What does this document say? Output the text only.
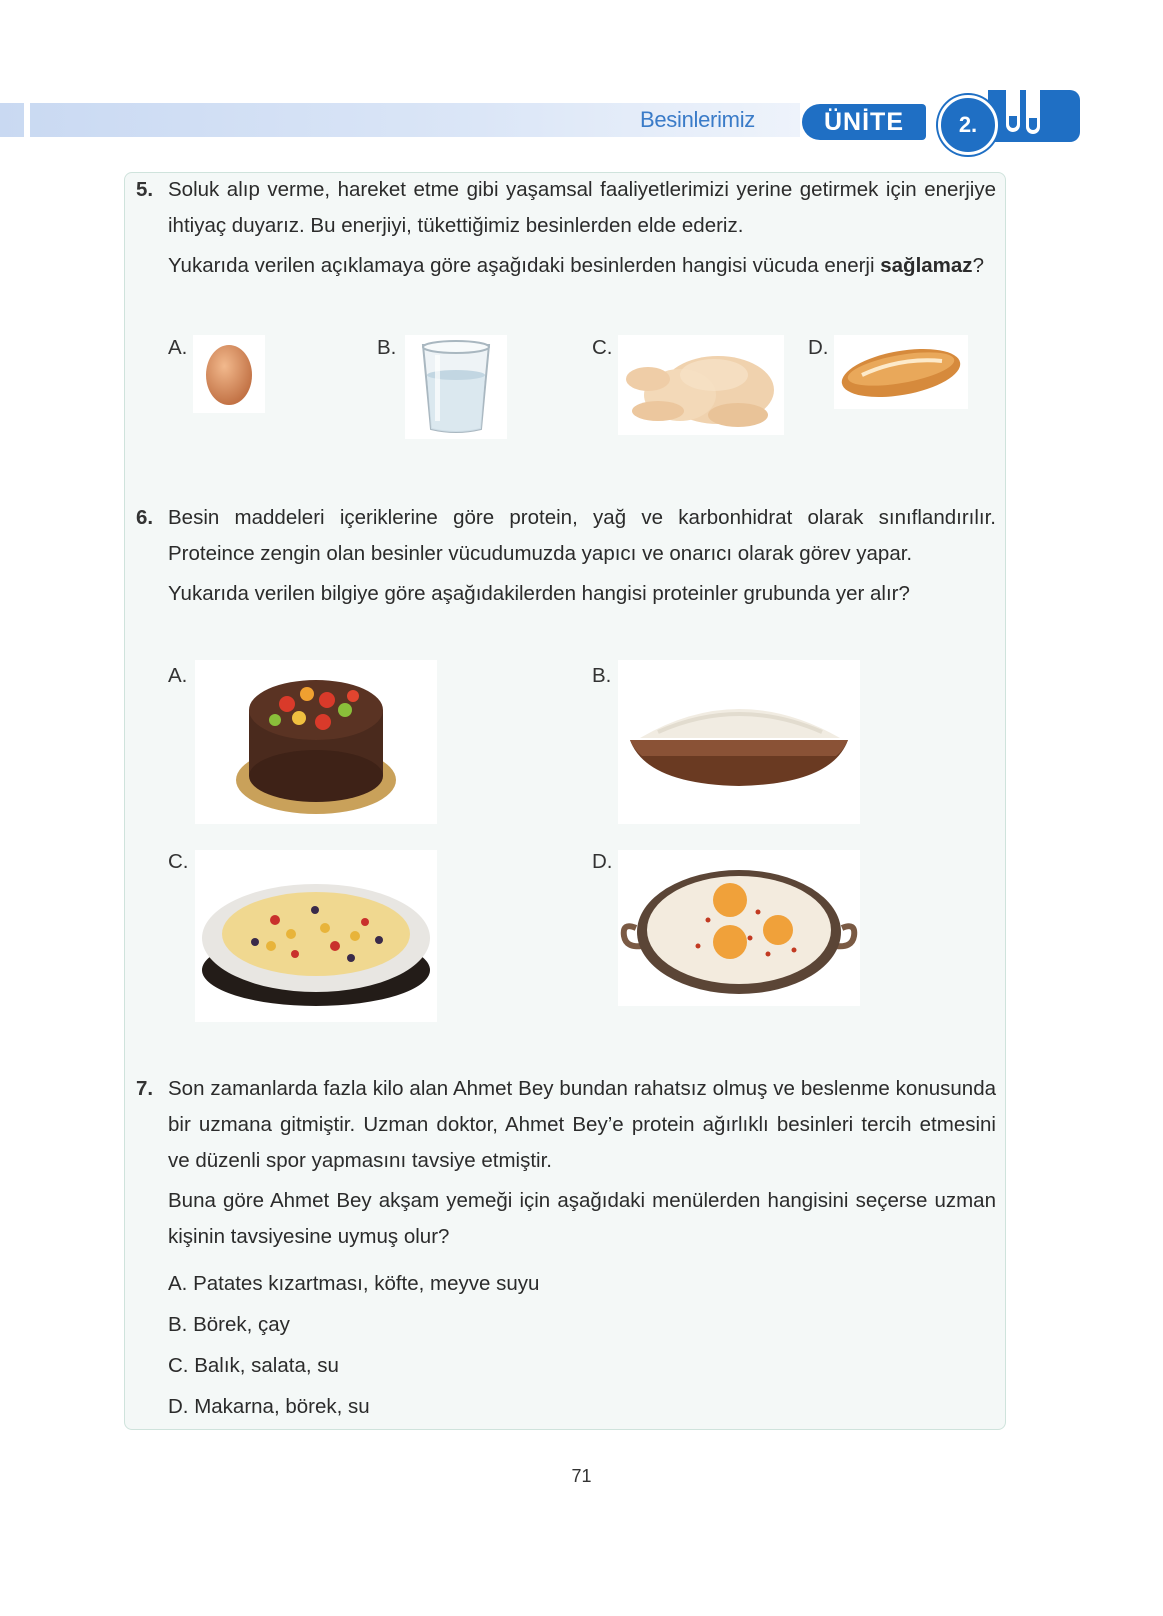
Besinlerimiz	ÜNİTE	2.
5. Soluk alıp verme, hareket etme gibi yaşamsal faaliyetlerimizi yerine getirmek için enerjiye ihtiyaç duyarız. Bu enerjiyi, tükettiğimiz besinlerden elde ederiz.
Yukarıda verilen açıklamaya göre aşağıdaki besinlerden hangisi vücuda enerji sağlamaz?
A.	B.	C.	D.
6. Besin maddeleri içeriklerine göre protein, yağ ve karbonhidrat olarak sınıflandırılır. Proteince zengin olan besinler vücudumuzda yapıcı ve onarıcı olarak görev yapar.
Yukarıda verilen bilgiye göre aşağıdakilerden hangisi proteinler grubunda yer alır?
A.	B.
C.	D.
7. Son zamanlarda fazla kilo alan Ahmet Bey bundan rahatsız olmuş ve beslenme konusunda bir uzmana gitmiştir. Uzman doktor, Ahmet Bey’e protein ağırlıklı besinleri tercih etmesini ve düzenli spor yapmasını tavsiye etmiştir.
Buna göre Ahmet Bey akşam yemeği için aşağıdaki menülerden hangisini seçerse uzman kişinin tavsiyesine uymuş olur?
A. Patates kızartması, köfte, meyve suyu
B. Börek, çay
C. Balık, salata, su
D. Makarna, börek, su
71
